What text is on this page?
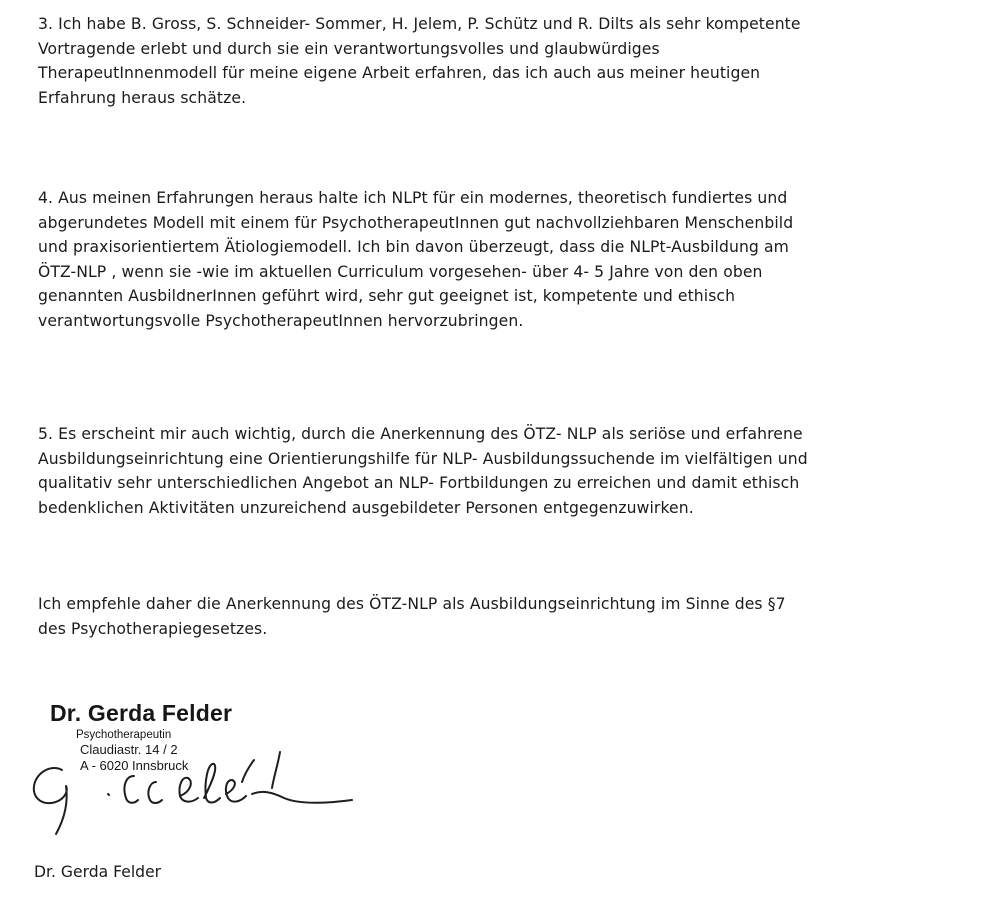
3. Ich habe B. Gross, S. Schneider- Sommer, H. Jelem, P. Schütz und R. Dilts als sehr kompetente
Vortragende erlebt und durch sie ein verantwortungsvolles und glaubwürdiges
TherapeutInnenmodell für meine eigene Arbeit erfahren, das ich auch aus meiner heutigen
Erfahrung heraus schätze.

4. Aus meinen Erfahrungen heraus halte ich NLPt für ein modernes, theoretisch fundiertes und
abgerundetes Modell mit einem für PsychotherapeutInnen gut nachvollziehbaren Menschenbild
und praxisorientiertem Ätiologiemodell. Ich bin davon überzeugt, dass die NLPt-Ausbildung am
ÖTZ-NLP , wenn sie -wie im aktuellen Curriculum vorgesehen- über 4- 5 Jahre von den oben
genannten AusbildnerInnen geführt wird, sehr gut geeignet ist, kompetente und ethisch
verantwortungsvolle PsychotherapeutInnen hervorzubringen.

5. Es erscheint mir auch wichtig, durch die Anerkennung des ÖTZ- NLP als seriöse und erfahrene
Ausbildungseinrichtung eine Orientierungshilfe für NLP- Ausbildungssuchende im vielfältigen und
qualitativ sehr unterschiedlichen Angebot an NLP- Fortbildungen zu erreichen und damit ethisch
bedenklichen Aktivitäten unzureichend ausgebildeter Personen entgegenzuwirken.

Ich empfehle daher die Anerkennung des ÖTZ-NLP als Ausbildungseinrichtung im Sinne des §7
des Psychotherapiegesetzes.

Dr. Gerda Felder
Psychotherapeutin
Claudiastr. 14 / 2
A - 6020 Innsbruck
Dr. Gerda Felder
